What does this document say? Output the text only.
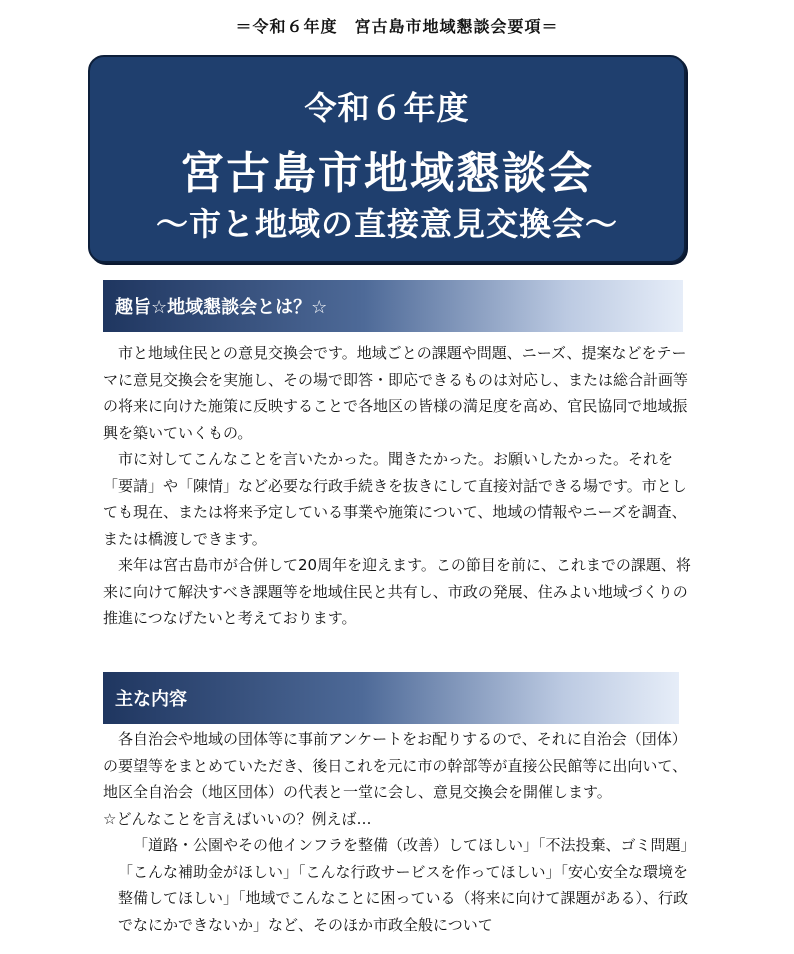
＝令和６年度　宮古島市地域懇談会要項＝
令和６年度
宮古島市地域懇談会
～市と地域の直接意見交換会～
趣旨☆地域懇談会とは？☆

市と地域住民との意見交換会です。地域ごとの課題や問題、ニーズ、提案などをテーマに意見交換会を実施し、その場で即答・即応できるものは対応し、または総合計画等の将来に向けた施策に反映することで各地区の皆様の満足度を高め、官民協同で地域振興を築いていくもの。

市に対してこんなことを言いたかった。聞きたかった。お願いしたかった。それを「要請」や「陳情」など必要な行政手続きを抜きにして直接対話できる場です。市としても現在、または将来予定している事業や施策について、地域の情報やニーズを調査、または橋渡しできます。

来年は宮古島市が合併して20周年を迎えます。この節目を前に、これまでの課題、将来に向けて解決すべき課題等を地域住民と共有し、市政の発展、住みよい地域づくりの推進につなげたいと考えております。

主な内容

各自治会や地域の団体等に事前アンケートをお配りするので、それに自治会（団体）の要望等をまとめていただき、後日これを元に市の幹部等が直接公民館等に出向いて、地区全自治会（地区団体）の代表と一堂に会し、意見交換会を開催します。

☆どんなことを言えばいいの？例えば…

「道路・公園やその他インフラを整備（改善）してほしい」「不法投棄、ゴミ問題」「こんな補助金がほしい」「こんな行政サービスを作ってほしい」「安心安全な環境を整備してほしい」「地域でこんなことに困っている（将来に向けて課題がある）、行政でなにかできないか」など、そのほか市政全般について
